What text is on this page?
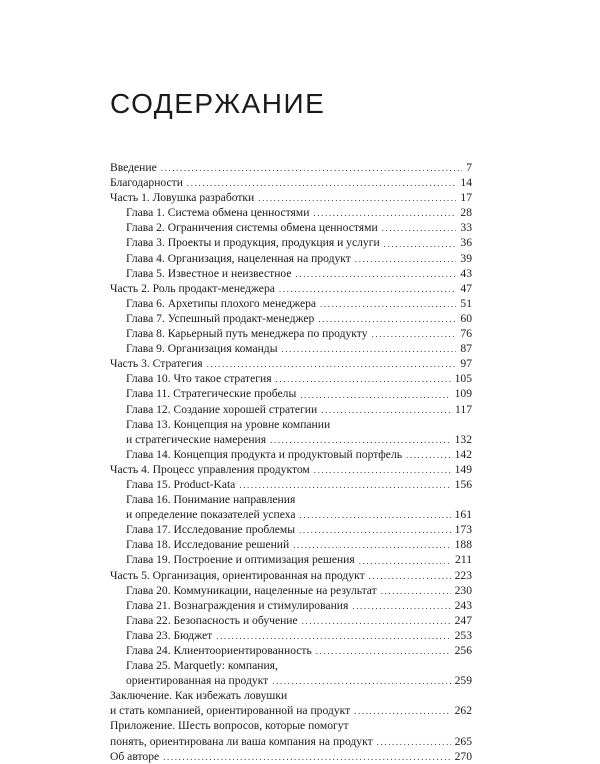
СОДЕРЖАНИЕ
Введение .....	7
Благодарности .....	14
Часть 1. Ловушка разработки .....	17
Глава 1. Система обмена ценностями .....	28
Глава 2. Ограничения системы обмена ценностями .....	33
Глава 3. Проекты и продукция, продукция и услуги .....	36
Глава 4. Организация, нацеленная на продукт .....	39
Глава 5. Известное и неизвестное .....	43
Часть 2. Роль продакт-менеджера .....	47
Глава 6. Архетипы плохого менеджера .....	51
Глава 7. Успешный продакт-менеджер .....	60
Глава 8. Карьерный путь менеджера по продукту .....	76
Глава 9. Организация команды .....	87
Часть 3. Стратегия .....	97
Глава 10. Что такое стратегия .....	105
Глава 11. Стратегические пробелы .....	109
Глава 12. Создание хорошей стратегии .....	117
Глава 13. Концепция на уровне компании
и стратегические намерения .....	132
Глава 14. Концепция продукта и продуктовый портфель .....	142
Часть 4. Процесс управления продуктом .....	149
Глава 15. Product-Kata .....	156
Глава 16. Понимание направления
и определение показателей успеха .....	161
Глава 17. Исследование проблемы .....	173
Глава 18. Исследование решений .....	188
Глава 19. Построение и оптимизация решения .....	211
Часть 5. Организация, ориентированная на продукт .....	223
Глава 20. Коммуникации, нацеленные на результат .....	230
Глава 21. Вознаграждения и стимулирования .....	243
Глава 22. Безопасность и обучение .....	247
Глава 23. Бюджет .....	253
Глава 24. Клиентоориентированность .....	256
Глава 25. Marquetly: компания,
ориентированная на продукт .....	259
Заключение. Как избежать ловушки
и стать компанией, ориентированной на продукт .....	262
Приложение. Шесть вопросов, которые помогут
понять, ориентирована ли ваша компания на продукт .....	265
Об авторе .....	270
